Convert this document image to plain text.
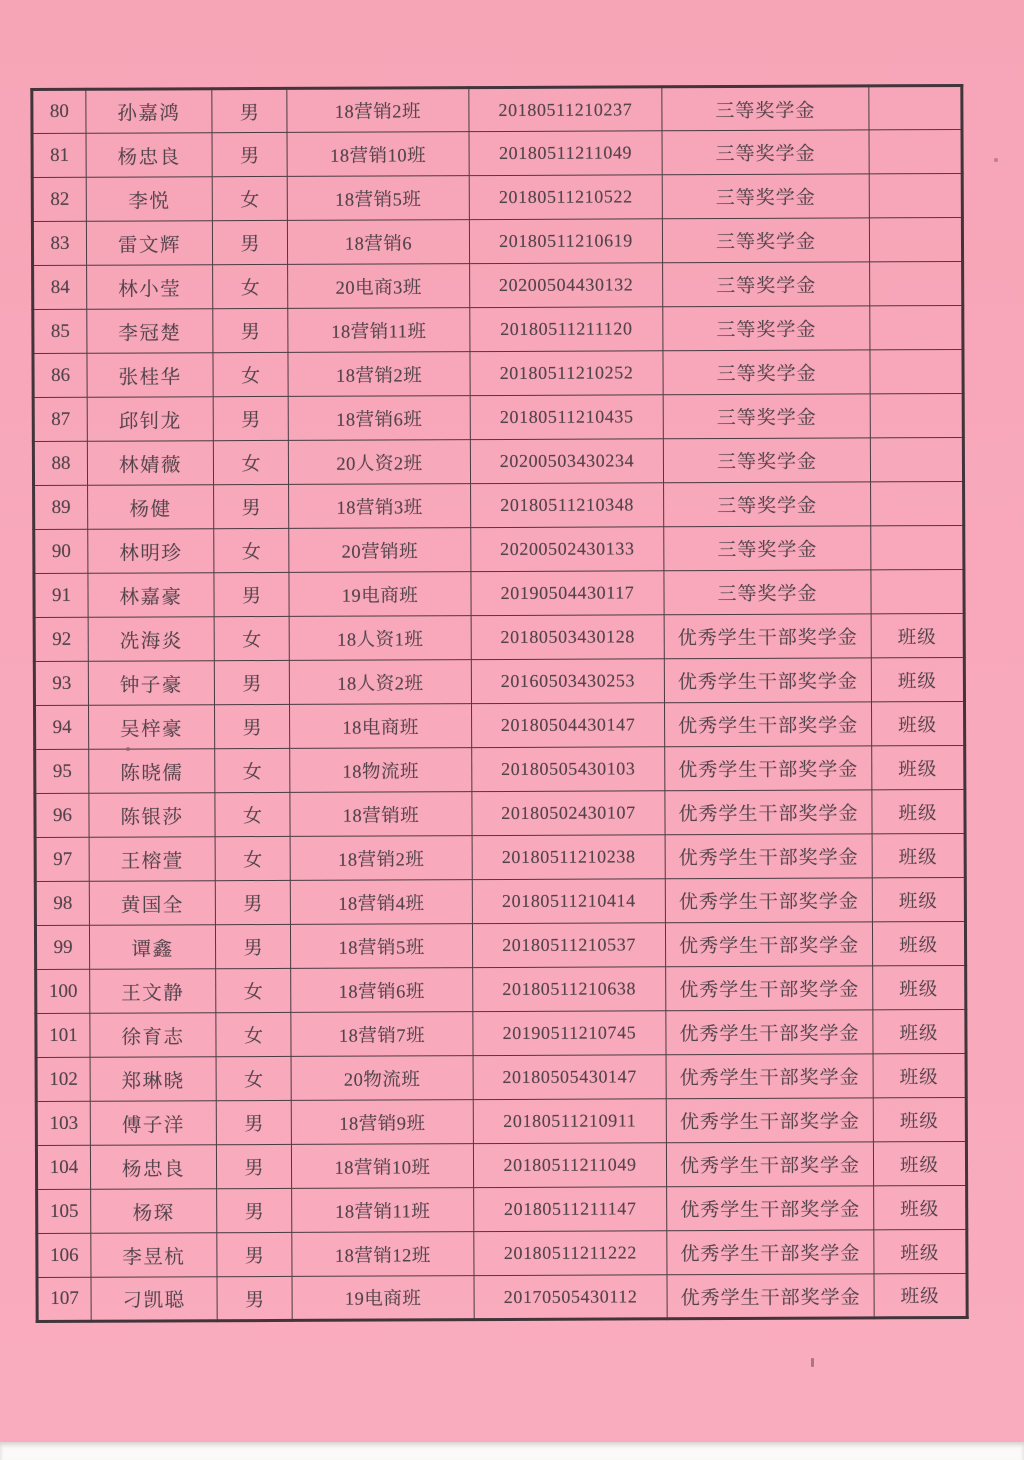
80	孙嘉鸿	男	18营销2班	20180511210237	三等奖学金	
81	杨忠良	男	18营销10班	20180511211049	三等奖学金	
82	李悦	女	18营销5班	20180511210522	三等奖学金	
83	雷文辉	男	18营销6	20180511210619	三等奖学金	
84	林小莹	女	20电商3班	20200504430132	三等奖学金	
85	李冠楚	男	18营销11班	20180511211120	三等奖学金	
86	张桂华	女	18营销2班	20180511210252	三等奖学金	
87	邱钊龙	男	18营销6班	20180511210435	三等奖学金	
88	林婧薇	女	20人资2班	20200503430234	三等奖学金	
89	杨健	男	18营销3班	20180511210348	三等奖学金	
90	林明珍	女	20营销班	20200502430133	三等奖学金	
91	林嘉豪	男	19电商班	20190504430117	三等奖学金	
92	冼海炎	女	18人资1班	20180503430128	优秀学生干部奖学金	班级
93	钟子豪	男	18人资2班	20160503430253	优秀学生干部奖学金	班级
94	吴梓豪	男	18电商班	20180504430147	优秀学生干部奖学金	班级
95	陈晓儒	女	18物流班	20180505430103	优秀学生干部奖学金	班级
96	陈银莎	女	18营销班	20180502430107	优秀学生干部奖学金	班级
97	王榕萱	女	18营销2班	20180511210238	优秀学生干部奖学金	班级
98	黄国全	男	18营销4班	20180511210414	优秀学生干部奖学金	班级
99	谭鑫	男	18营销5班	20180511210537	优秀学生干部奖学金	班级
100	王文静	女	18营销6班	20180511210638	优秀学生干部奖学金	班级
101	徐育志	女	18营销7班	20190511210745	优秀学生干部奖学金	班级
102	郑琳晓	女	20物流班	20180505430147	优秀学生干部奖学金	班级
103	傅子洋	男	18营销9班	20180511210911	优秀学生干部奖学金	班级
104	杨忠良	男	18营销10班	20180511211049	优秀学生干部奖学金	班级
105	杨琛	男	18营销11班	20180511211147	优秀学生干部奖学金	班级
106	李昱杭	男	18营销12班	20180511211222	优秀学生干部奖学金	班级
107	刁凯聪	男	19电商班	20170505430112	优秀学生干部奖学金	班级
